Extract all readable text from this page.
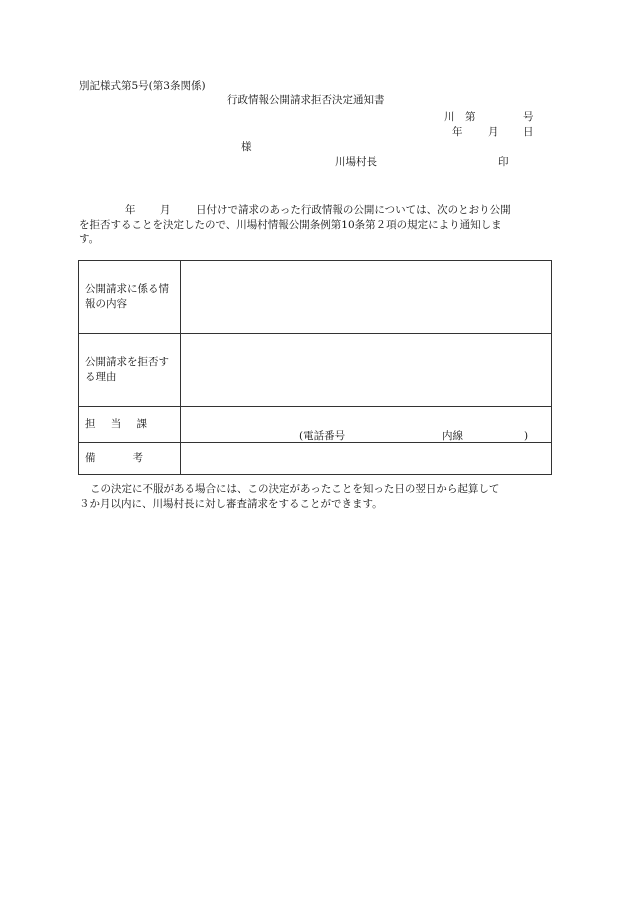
別記様式第5号(第3条関係)
行政情報公開請求拒否決定通知書
川 第	号
年 月 日
様
川場村長	印
年 月 日付けで請求のあった行政情報の公開については、次のとおり公開
を拒否することを決定したので、川場村情報公開条例第10条第２項の規定により通知しま
す。
公開請求に係る情報の内容	

公開請求を拒否する理由	

担 当 課	(電話番号 内線 )

備 考	

この決定に不服がある場合には、この決定があったことを知った日の翌日から起算して
３か月以内に、川場村長に対し審査請求をすることができます。
